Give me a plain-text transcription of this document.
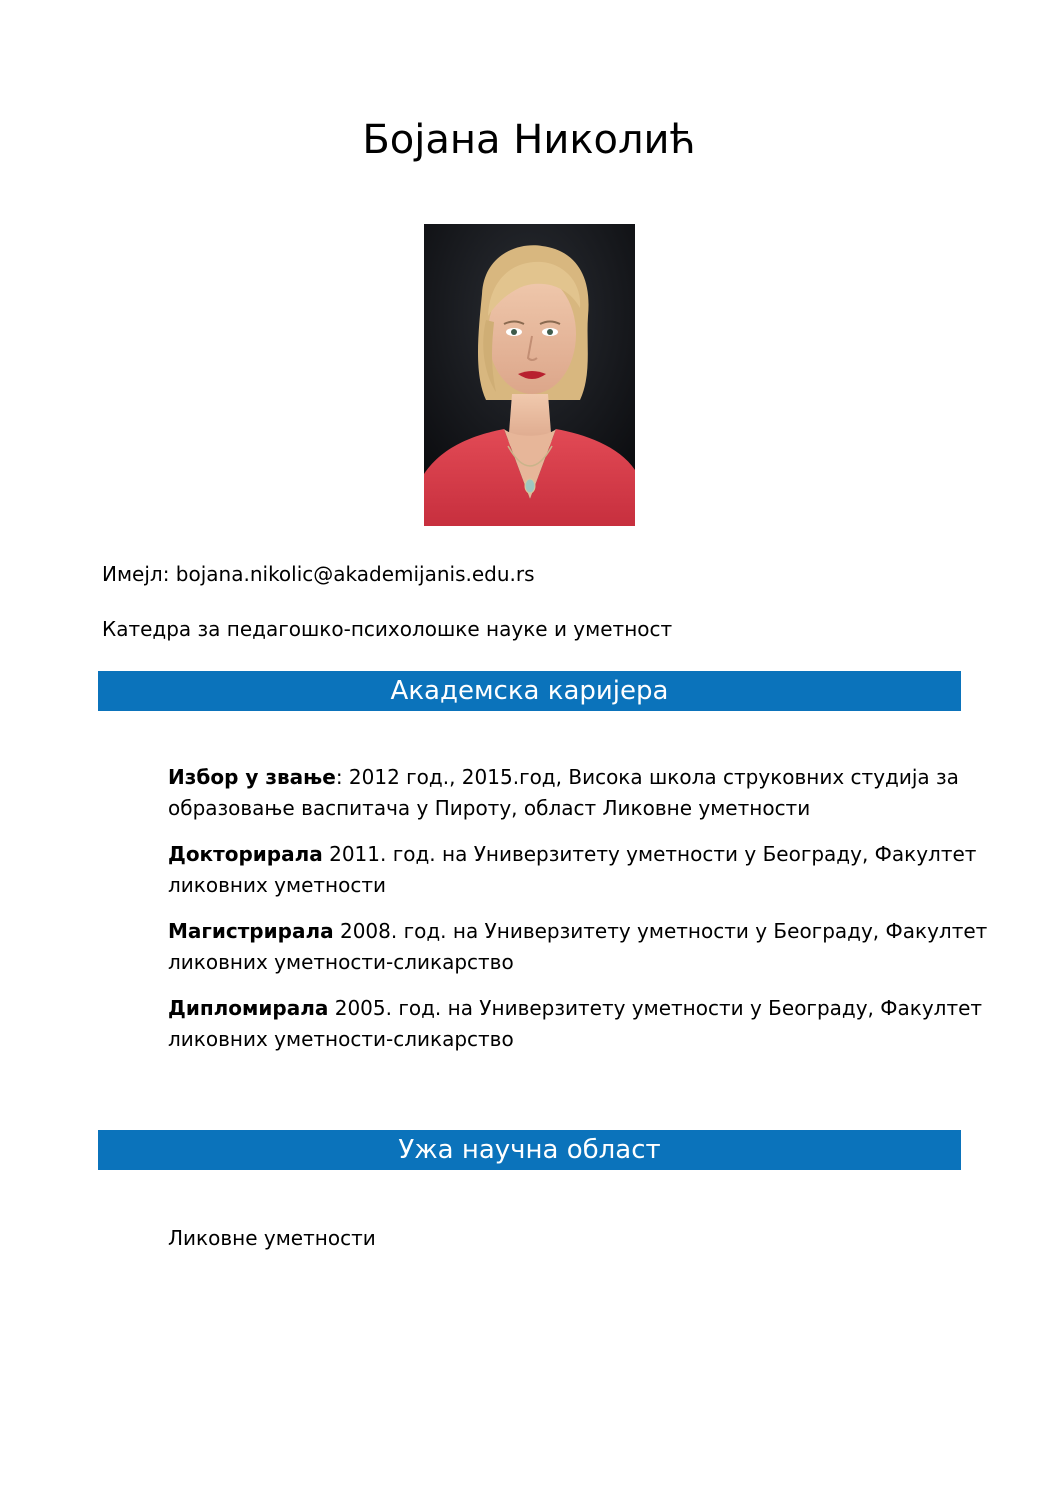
Бојана Николић
Имејл: bojana.nikolic@akademijanis.edu.rs
Катедра за педагошко-психолошке науке и уметност
Академска каријера
Избор у звање: 2012 год., 2015.год, Висока школа струковних студија за образовање васпитача у Пироту, област Ликовне уметности
Докторирала 2011. год. на Универзитету уметности у Београду, Факултет ликовних уметности
Магистрирала 2008. год. на Универзитету уметности у Београду, Факултет ликовних уметности-сликарство
Дипломирала 2005. год. на Универзитету уметности у Београду, Факултет ликовних уметности-сликарство
Ужа научна област
Ликовне уметности
